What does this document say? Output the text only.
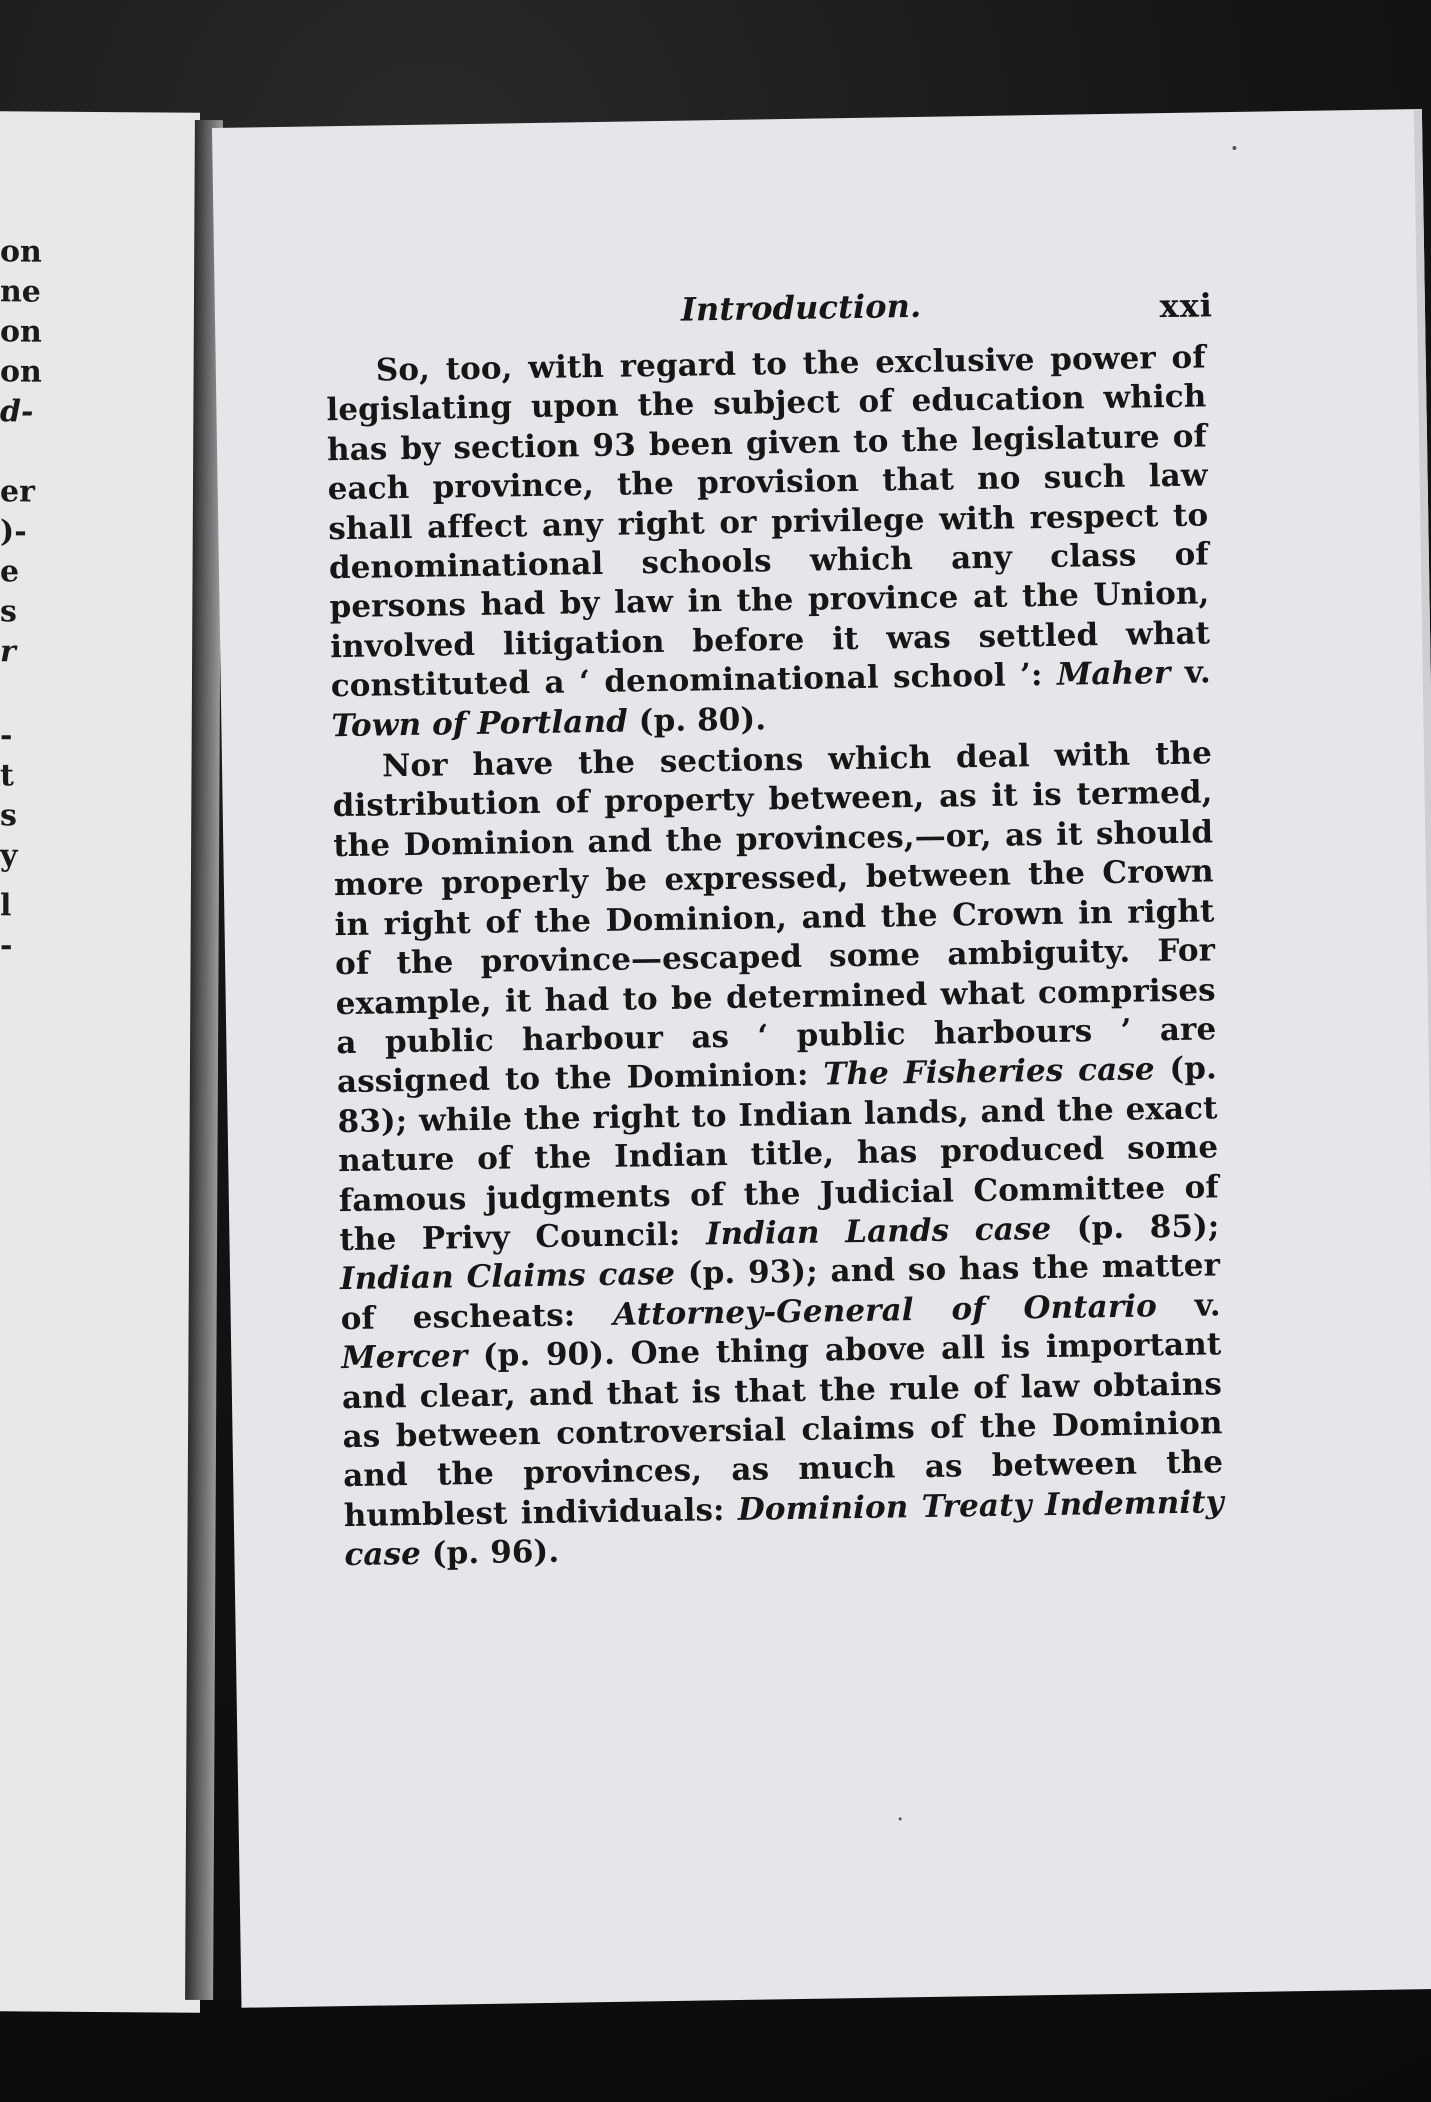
on
ne
on
on
d-
er
)-
e
s
r
-
t
s
y
l
-
Introduction.	xxi

So, too, with regard to the exclusive power of legislating upon the subject of education which has by section 93 been given to the legislature of each province, the provision that no such law shall affect any right or privilege with respect to denominational schools which any class of persons had by law in the province at the Union, involved litigation before it was settled what constituted a ‘ denominational school ’: Maher v. Town of Portland (p. 80).

Nor have the sections which deal with the distribution of property between, as it is termed, the Dominion and the provinces,—or, as it should more properly be expressed, between the Crown in right of the Dominion, and the Crown in right of the province—escaped some ambiguity. For example, it had to be determined what comprises a public harbour as ‘ public harbours ’ are assigned to the Dominion: The Fisheries case (p. 83); while the right to Indian lands, and the exact nature of the Indian title, has produced some famous judgments of the Judicial Committee of the Privy Council: Indian Lands case (p. 85); Indian Claims case (p. 93); and so has the matter of escheats: Attorney-General of Ontario v. Mercer (p. 90). One thing above all is important and clear, and that is that the rule of law obtains as between controversial claims of the Dominion and the provinces, as much as between the humblest individuals: Dominion Treaty Indemnity case (p. 96).
